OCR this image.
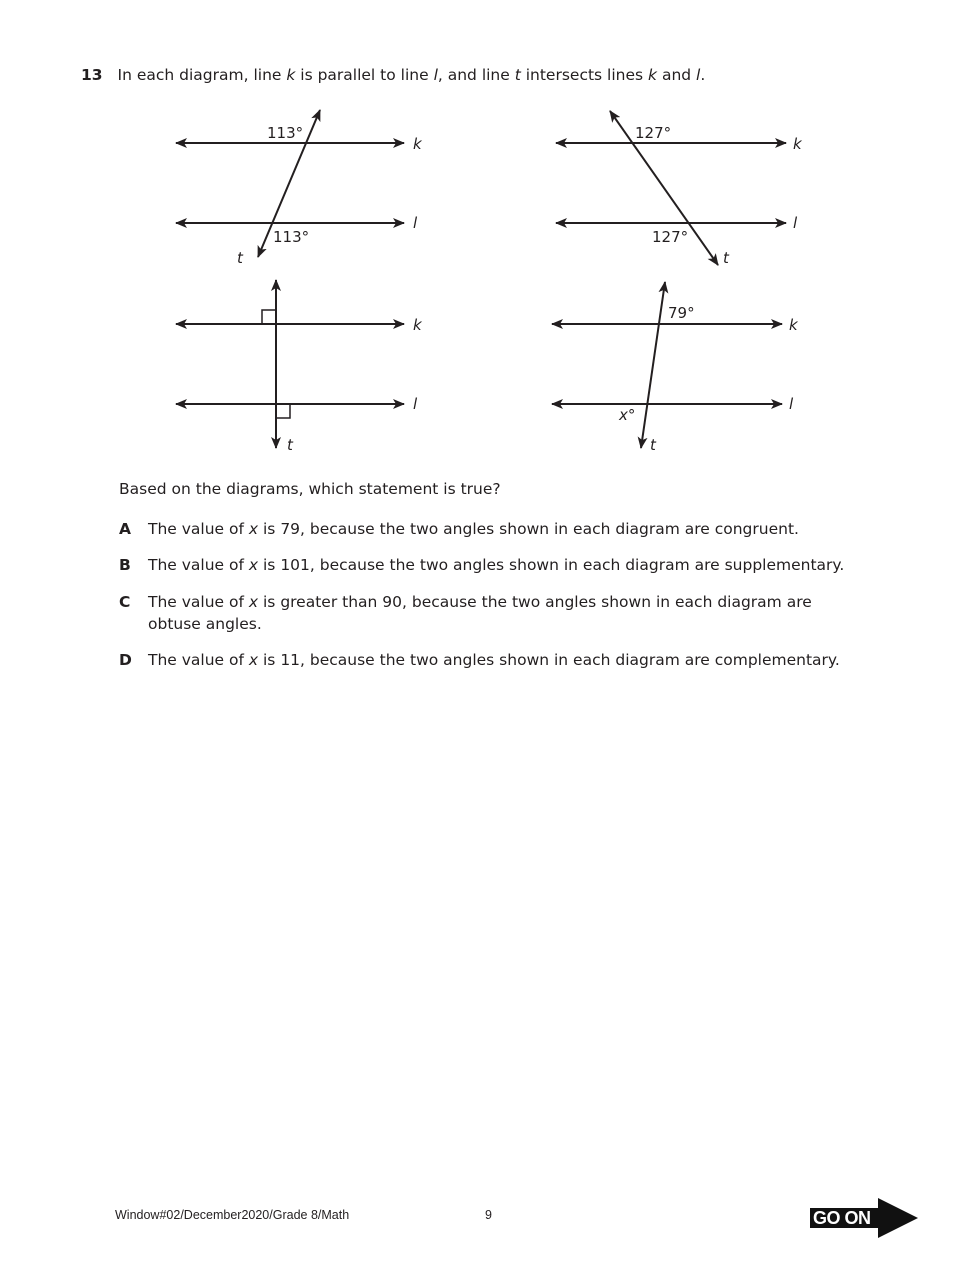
13 In each diagram, line k is parallel to line l, and line t intersects lines k and l.
113°
113°
k
l
t
127°
127°
k
l
t
k
l
t
79°
x°
k
l
t
Based on the diagrams, which statement is true?
A The value of x is 79, because the two angles shown in each diagram are congruent.
B The value of x is 101, because the two angles shown in each diagram are supplementary.
C The value of x is greater than 90, because the two angles shown in each diagram are obtuse angles.
D The value of x is 11, because the two angles shown in each diagram are complementary.
Window#02/December2020/Grade 8/Math	9	GO ON
